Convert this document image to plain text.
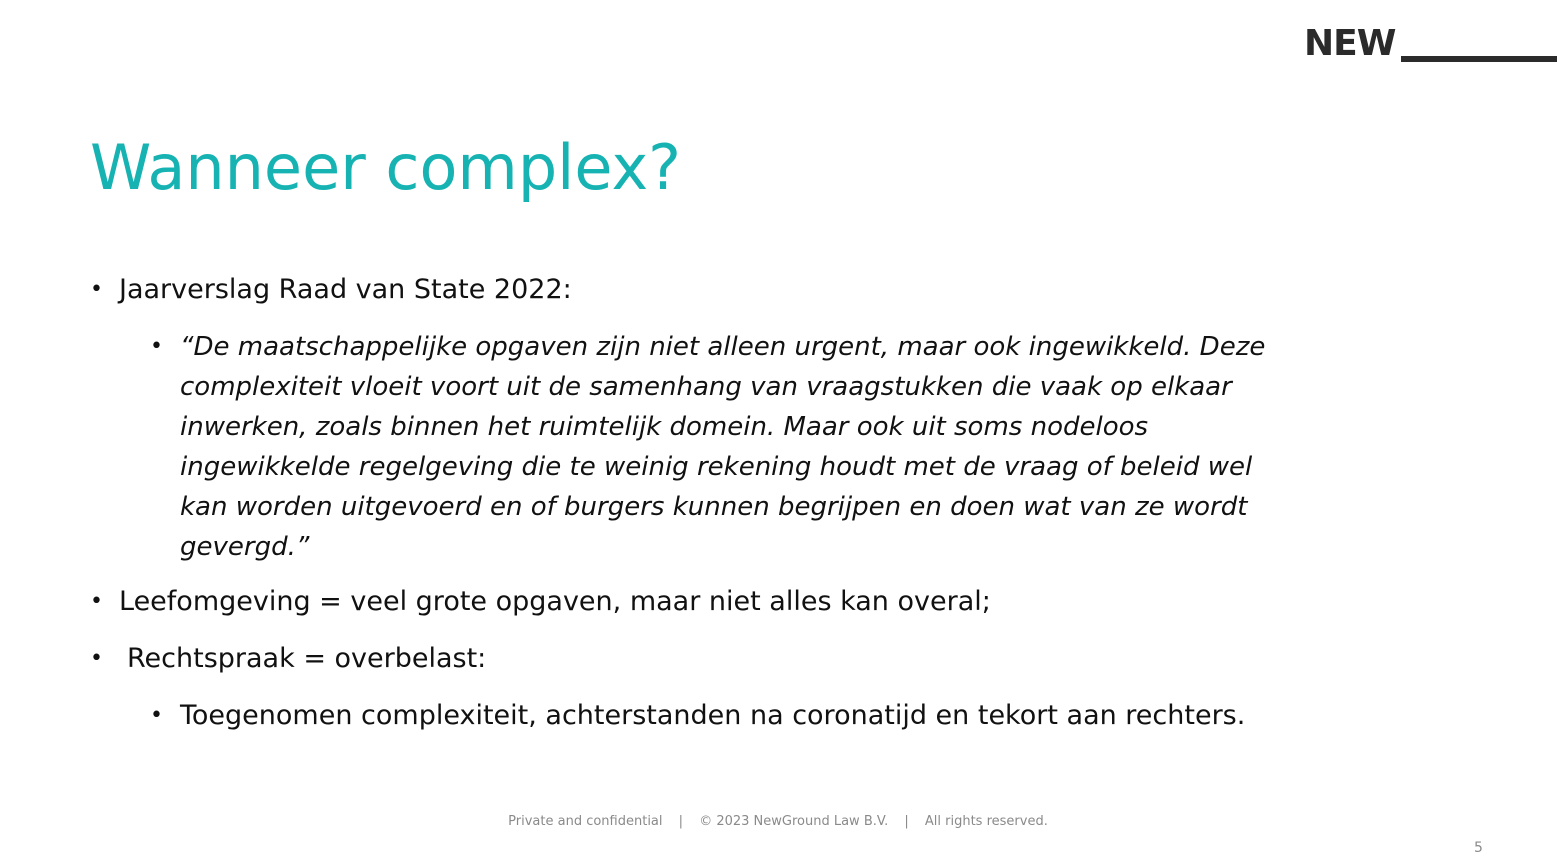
NEW
Wanneer complex?
• Jaarverslag Raad van State 2022:
• “De maatschappelijke opgaven zijn niet alleen urgent, maar ook ingewikkeld. Deze complexiteit vloeit voort uit de samenhang van vraagstukken die vaak op elkaar inwerken, zoals binnen het ruimtelijk domein. Maar ook uit soms nodeloos ingewikkelde regelgeving die te weinig rekening houdt met de vraag of beleid wel kan worden uitgevoerd en of burgers kunnen begrijpen en doen wat van ze wordt gevergd.”
• Leefomgeving = veel grote opgaven, maar niet alles kan overal;
• Rechtspraak = overbelast:
• Toegenomen complexiteit, achterstanden na coronatijd en tekort aan rechters.
Private and confidential | © 2023 NewGround Law B.V. | All rights reserved.
5
